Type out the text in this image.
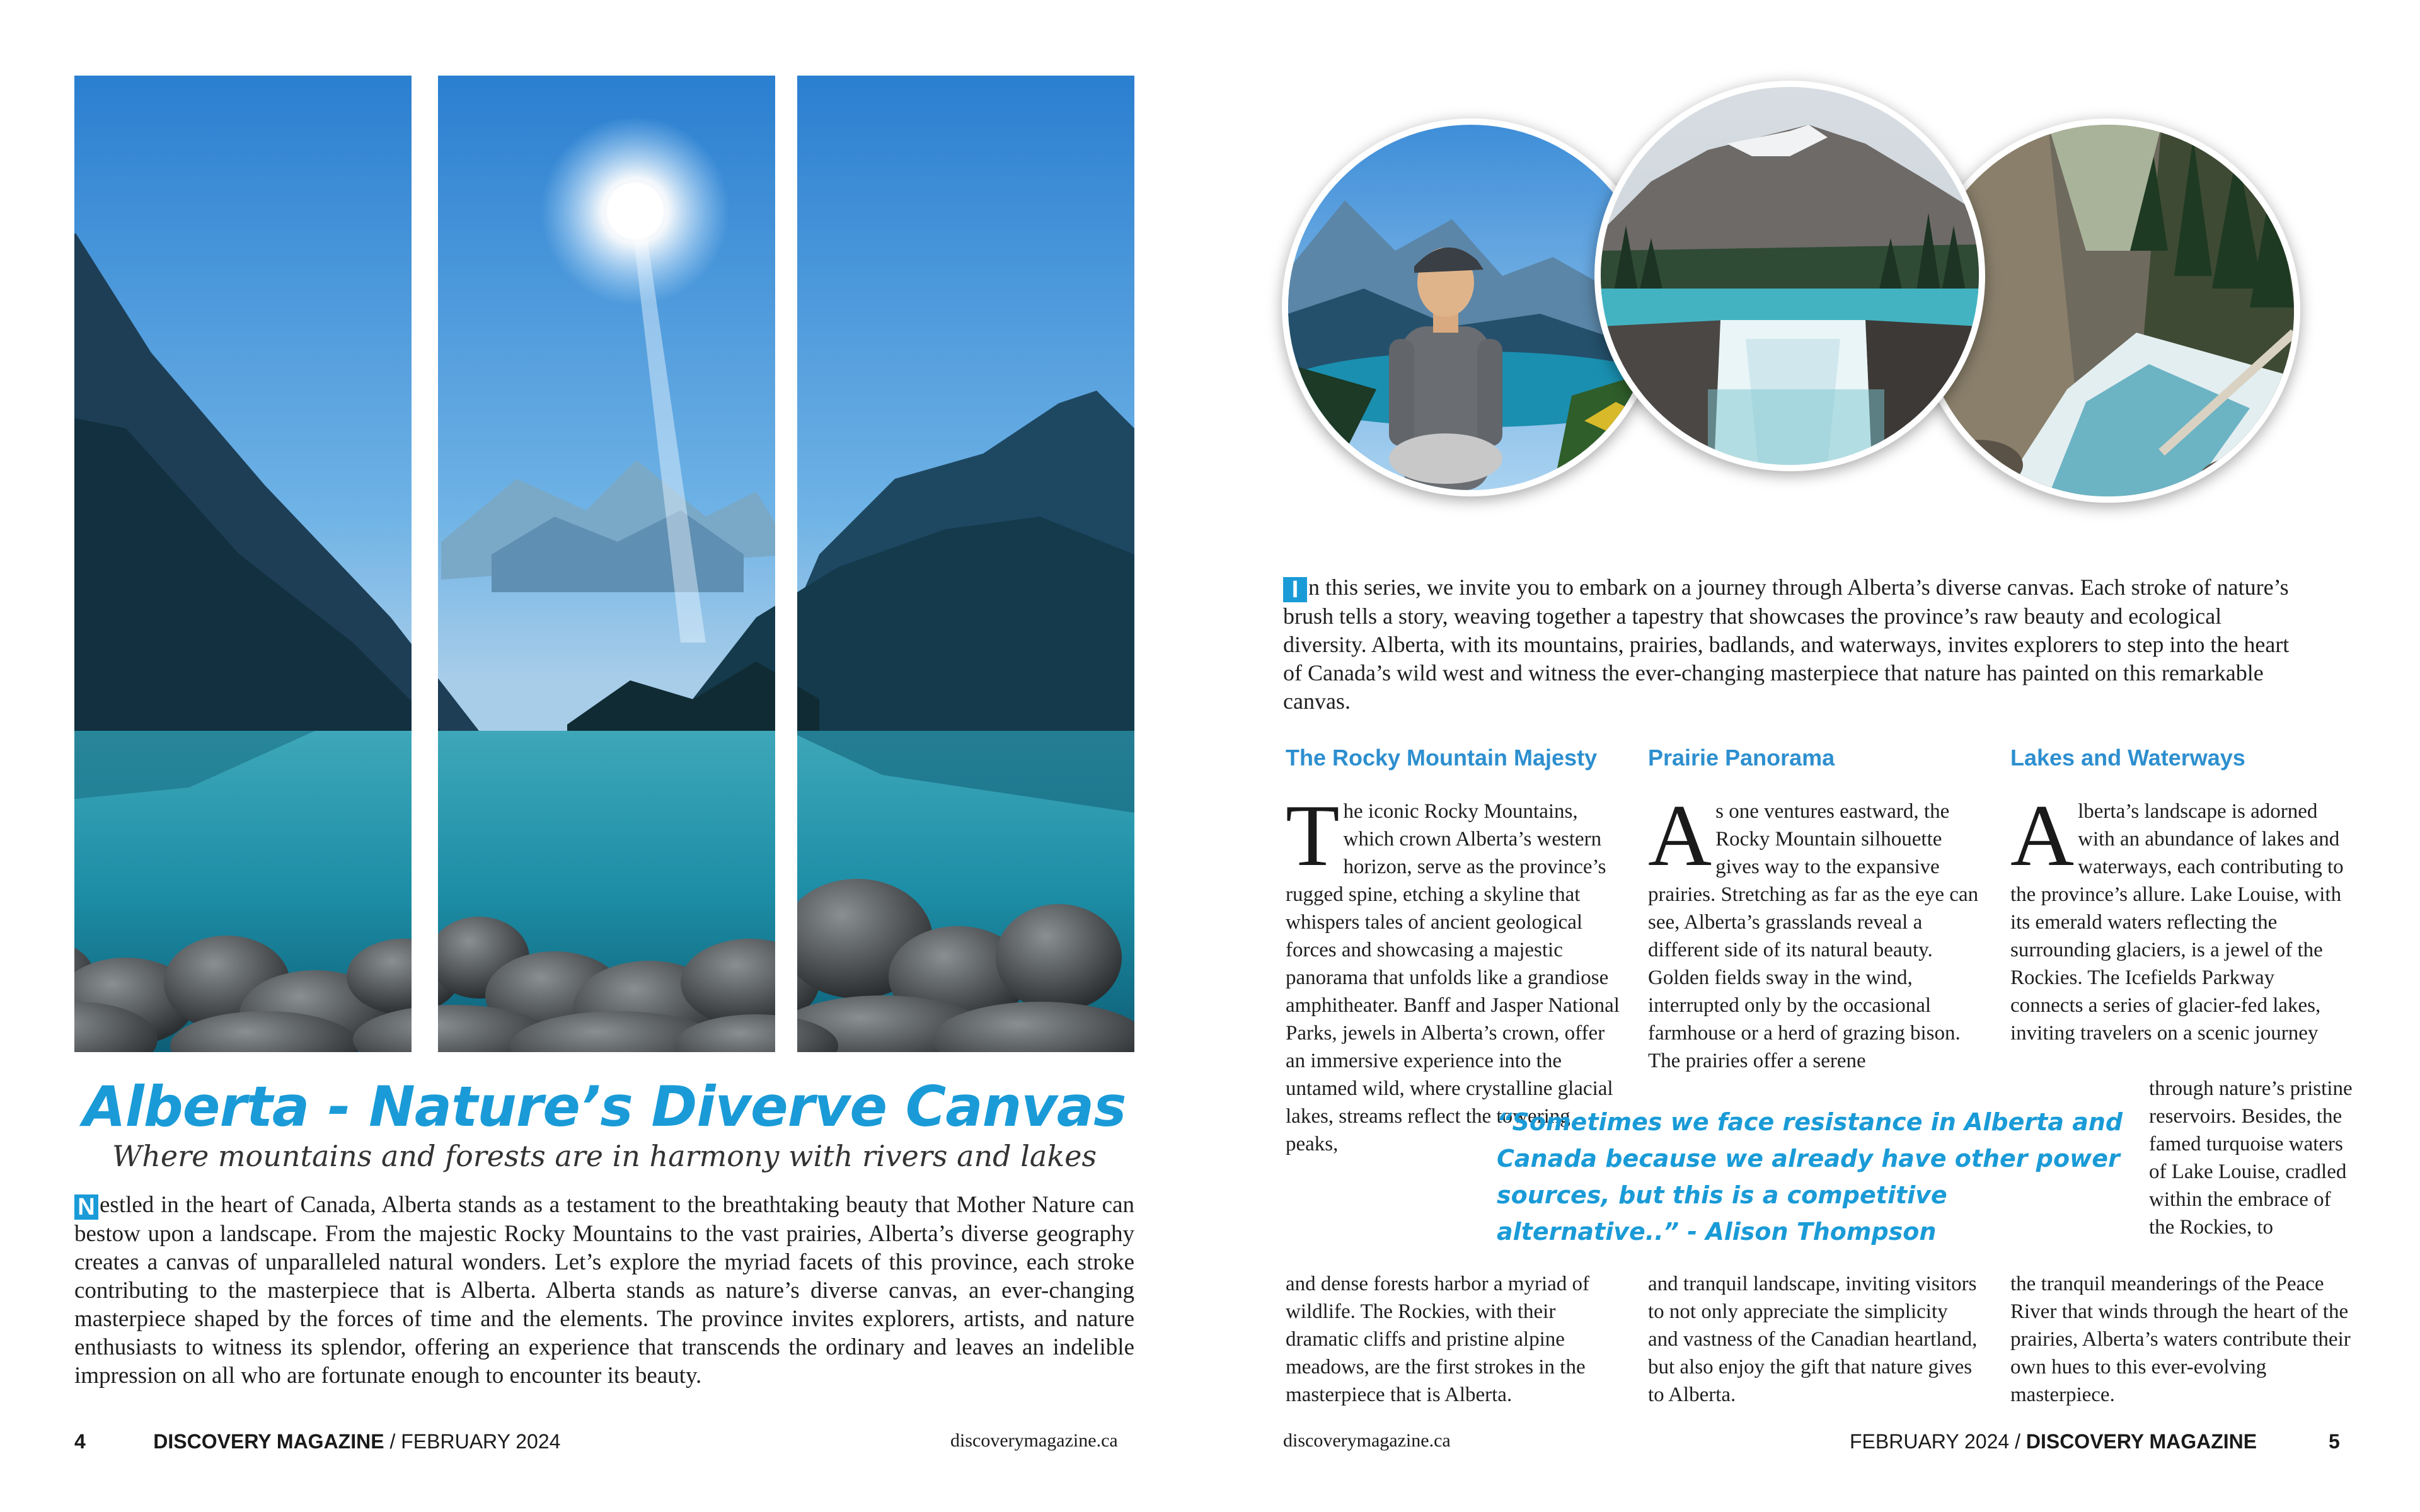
Alberta - Nature’s Diverve Canvas
Where mountains and forests are in harmony with rivers and lakes

N estled in the heart of Canada, Alberta stands as a testament to the breathtaking beauty that Mother Nature can bestow upon a landscape. From the majestic Rocky Mountains to the vast prairies, Alberta’s diverse geography creates a canvas of unparalleled natural wonders. Let’s explore the myriad facets of this province, each stroke contributing to the masterpiece that is Alberta. Alberta stands as nature’s diverse canvas, an ever-changing masterpiece shaped by the forces of time and the elements. The province invites explorers, artists, and nature enthusiasts to witness its splendor, offering an experience that transcends the ordinary and leaves an indelible impression on all who are fortunate enough to encounter its beauty.

4	DISCOVERY MAGAZINE / FEBRUARY 2024	discoverymagazine.ca

I n this series, we invite you to embark on a journey through Alberta’s diverse canvas. Each stroke of nature’s brush tells a story, weaving together a tapestry that showcases the province’s raw beauty and ecological diversity. Alberta, with its mountains, prairies, badlands, and waterways, invites explorers to step into the heart of Canada’s wild west and witness the ever-changing masterpiece that nature has painted on this remarkable canvas.

The Rocky Mountain Majesty Prairie Panorama	Lakes and Waterways
The iconic Rocky Mountains, which crown Alberta’s western horizon, serve as the province’s rugged spine, etching a skyline that whispers tales of ancient geological forces and showcasing a majestic panorama that unfolds like a grandiose amphitheater. Banff and Jasper National Parks, jewels in Alberta’s crown, offer an immersive experience into the untamed wild, where crystalline glacial lakes, streams reflect the towering peaks,
and dense forests harbor a myriad of wildlife. The Rockies, with their dramatic cliffs and pristine alpine meadows, are the first strokes in the masterpiece that is Alberta.
As one ventures eastward, the Rocky Mountain silhouette gives way to the expansive prairies. Stretching as far as the eye can see, Alberta’s grasslands reveal a different side of its natural beauty. Golden fields sway in the wind, interrupted only by the occasional farmhouse or a herd of grazing bison. The prairies offer a serene
and tranquil landscape, inviting visitors to not only appreciate the simplicity and vastness of the Canadian heartland, but also enjoy the gift that nature gives to Alberta.
Alberta’s landscape is adorned with an abundance of lakes and waterways, each contributing to the province’s allure. Lake Louise, with its emerald waters reflecting the surrounding glaciers, is a jewel of the Rockies. The Icefields Parkway connects a series of glacier-fed lakes, inviting travelers on a scenic journey
through nature’s pristine reservoirs. Besides, the famed turquoise waters of Lake Louise, cradled within the embrace of the Rockies, to
the tranquil meanderings of the Peace River that winds through the heart of the prairies, Alberta’s waters contribute their own hues to this ever-evolving masterpiece.
“Sometimes we face resistance in Alberta and Canada because we already have other power sources, but this is a competitive alternative..” - Alison Thompson
discoverymagazine.ca	FEBRUARY 2024 / DISCOVERY MAGAZINE	5
